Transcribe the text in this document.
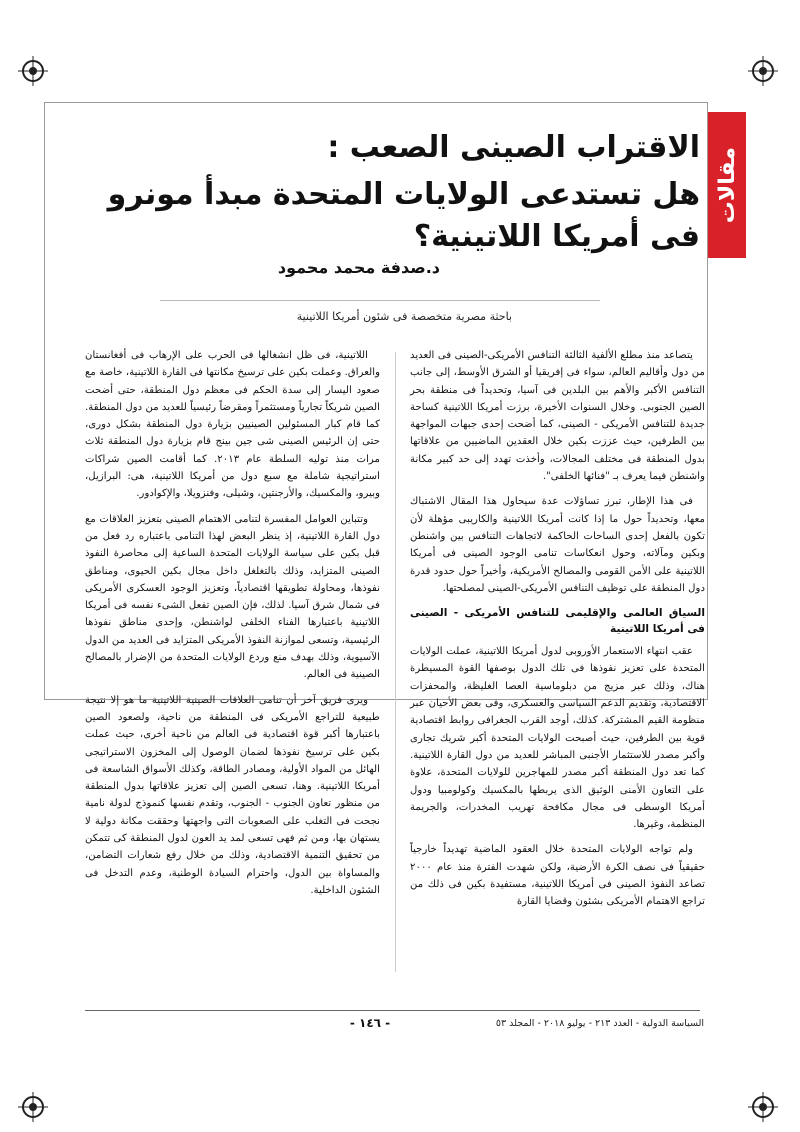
مقالات
الاقتراب الصينى الصعب :
هل تستدعى الولايات المتحدة مبدأ مونرو فى أمريكا اللاتينية؟
د.صدفة محمد محمود
باحثة مصرية متخصصة فى شئون أمريكا اللاتينية

يتصاعد منذ مطلع الألفية الثالثة التنافس الأمريكى-الصينى فى العديد من دول وأقاليم العالم، سواء فى إفريقيا أو الشرق الأوسط، إلى جانب التنافس الأكبر والأهم بين البلدين فى آسيا، وتحديداً فى منطقة بحر الصين الجنوبى. وخلال السنوات الأخيرة، برزت أمريكا اللاتينية كساحة جديدة للتنافس الأمريكى - الصينى، كما أضحت إحدى جبهات المواجهة بين الطرفين، حيث عززت بكين خلال العقدين الماضيين من علاقاتها بدول المنطقة فى مختلف المجالات، وأخذت تهدد إلى حد كبير مكانة واشنطن فيما يعرف بـ "فنائها الخلفى".

فى هذا الإطار، تبرز تساؤلات عدة سيحاول هذا المقال الاشتباك معها، وتحديداً حول ما إذا كانت أمريكا اللاتينية والكاريبى مؤهلة لأن تكون بالفعل إحدى الساحات الحاكمة لاتجاهات التنافس بين واشنطن وبكين ومآلاته، وحول انعكاسات تنامى الوجود الصينى فى أمريكا اللاتينية على الأمن القومى والمصالح الأمريكية، وأخيراً حول حدود قدرة دول المنطقة على توظيف التنافس الأمريكى-الصينى لمصلحتها.

السياق العالمى والإقليمى للتنافس الأمريكى - الصينى فى أمريكا اللاتينية

عقب انتهاء الاستعمار الأوروبى لدول أمريكا اللاتينية، عملت الولايات المتحدة على تعزيز نفوذها فى تلك الدول بوصفها القوة المسيطرة هناك، وذلك عبر مزيج من دبلوماسية العصا الغليظة، والمحفزات الاقتصادية، وتقديم الدعم السياسى والعسكرى، وفى بعض الأحيان عبر منظومة القيم المشتركة. كذلك، أوجد القرب الجغرافى روابط اقتصادية قوية بين الطرفين، حيث أصبحت الولايات المتحدة أكبر شريك تجارى وأكبر مصدر للاستثمار الأجنبى المباشر للعديد من دول القارة اللاتينية. كما تعد دول المنطقة أكبر مصدر للمهاجرين للولايات المتحدة، علاوة على التعاون الأمنى الوثيق الذى يربطها بالمكسيك وكولومبيا ودول أمريكا الوسطى فى مجال مكافحة تهريب المخدرات، والجريمة المنظمة، وغيرها.

ولم تواجه الولايات المتحدة خلال العقود الماضية تهديداً خارجياً حقيقياً فى نصف الكرة الأرضية، ولكن شهدت الفترة منذ عام ٢٠٠٠ تصاعد النفوذ الصينى فى أمريكا اللاتينية، مستفيدة بكين فى ذلك من تراجع الاهتمام الأمريكى بشئون وقضايا القارة

اللاتينية، فى ظل انشغالها فى الحرب على الإرهاب فى أفغانستان والعراق. وعملت بكين على ترسيخ مكانتها فى القارة اللاتينية، خاصة مع صعود اليسار إلى سدة الحكم فى معظم دول المنطقة، حتى أضحت الصين شريكاً تجارياً ومستثمراً ومقرضاً رئيسياً للعديد من دول المنطقة. كما قام كبار المسئولين الصينيين بزيارة دول المنطقة بشكل دورى، حتى إن الرئيس الصينى شى جين بينج قام بزيارة دول المنطقة ثلاث مرات منذ توليه السلطة عام ٢٠١٣. كما أقامت الصين شراكات استراتيجية شاملة مع سبع دول من أمريكا اللاتينية، هى: البرازيل، وبيرو، والمكسيك، والأرجنتين، وشيلى، وفنزويلا، والإكوادور.

وتتباين العوامل المفسرة لتنامى الاهتمام الصينى بتعزيز العلاقات مع دول القارة اللاتينية، إذ ينظر البعض لهذا التنامى باعتباره رد فعل من قبل بكين على سياسة الولايات المتحدة الساعية إلى محاصرة النفوذ الصينى المتزايد، وذلك بالتغلغل داخل مجال بكين الحيوى، ومناطق نفوذها، ومحاولة تطويقها اقتصادياً، وتعزيز الوجود العسكرى الأمريكى فى شمال شرق آسيا. لذلك، فإن الصين تفعل الشىء نفسه فى أمريكا اللاتينية باعتبارها الفناء الخلفى لواشنطن، وإحدى مناطق نفوذها الرئيسية، وتسعى لموازنة النفوذ الأمريكى المتزايد فى العديد من الدول الآسيوية، وذلك بهدف منع وردع الولايات المتحدة من الإضرار بالمصالح الصينية فى العالم.

ويرى فريق آخر أن تنامى العلاقات الصينية اللاتينية ما هو إلا نتيجة طبيعية للتراجع الأمريكى فى المنطقة من ناحية، ولصعود الصين باعتبارها أكبر قوة اقتصادية فى العالم من ناحية أخرى، حيث عملت بكين على ترسيخ نفوذها لضمان الوصول إلى المخزون الاستراتيجى الهائل من المواد الأولية، ومصادر الطاقة، وكذلك الأسواق الشاسعة فى أمريكا اللاتينية. وهنا، تسعى الصين إلى تعزيز علاقاتها بدول المنطقة من منظور تعاون الجنوب - الجنوب، وتقدم نفسها كنموذج لدولة نامية نجحت فى التغلب على الصعوبات التى واجهتها وحققت مكانة دولية لا يستهان بها، ومن ثم فهى تسعى لمد يد العون لدول المنطقة كى تتمكن من تحقيق التنمية الاقتصادية، وذلك من خلال رفع شعارات التضامن، والمساواة بين الدول، واحترام السيادة الوطنية، وعدم التدخل فى الشئون الداخلية.

السياسة الدولية - العدد ٢١٣ - يوليو ٢٠١٨ - المجلد ٥٣
- ١٤٦ -
